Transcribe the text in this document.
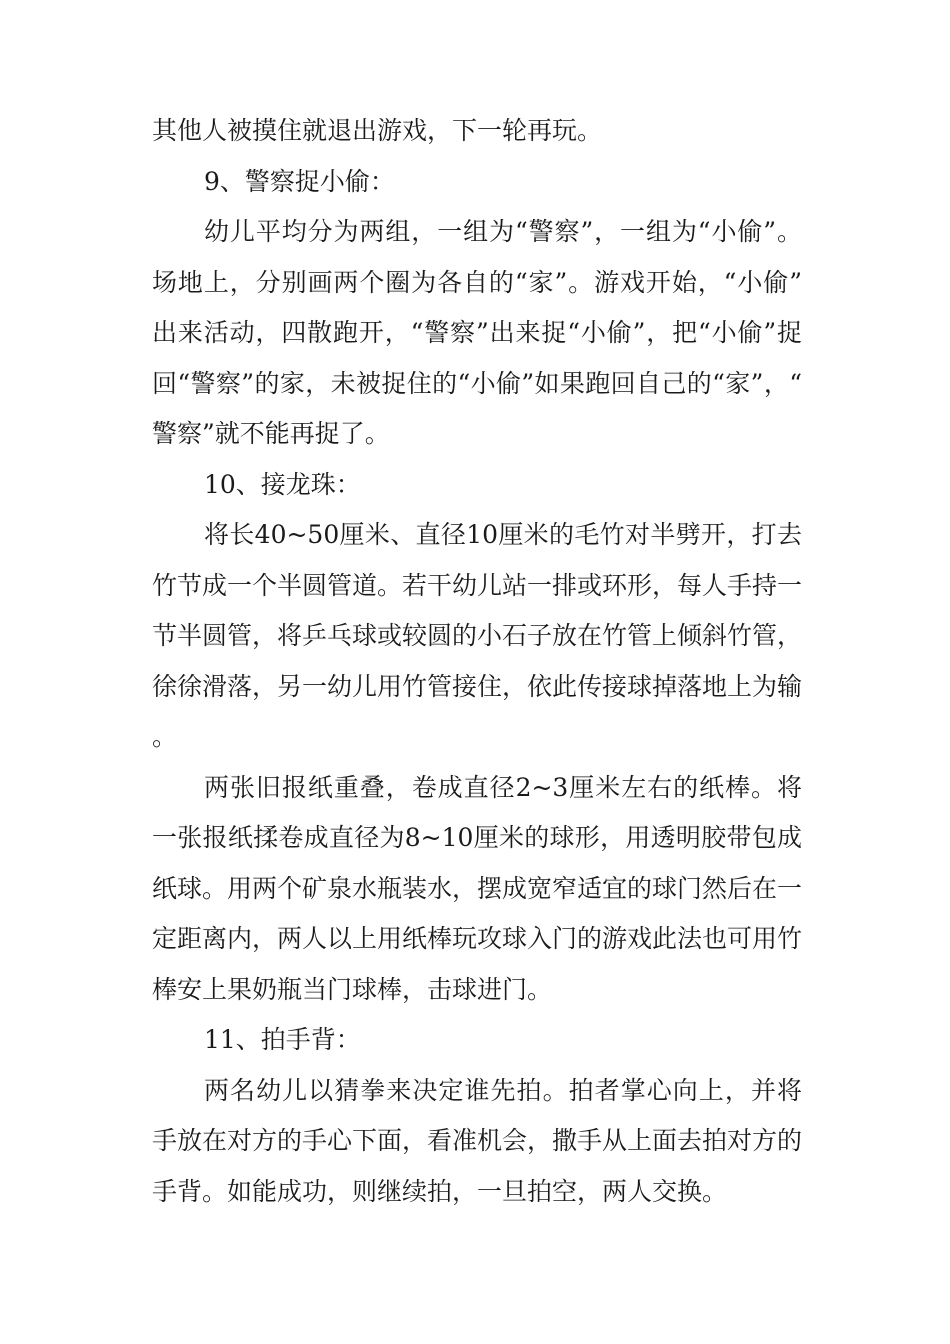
其他人被摸住就退出游戏，下一轮再玩。

9、警察捉小偷：

幼儿平均分为两组，一组为“警察”，一组为“小偷”。场地上，分别画两个圈为各自的“家”。游戏开始，“小偷”出来活动，四散跑开，“警察”出来捉“小偷”，把“小偷”捉回“警察”的家，未被捉住的“小偷”如果跑回自己的“家”，“警察”就不能再捉了。

10、接龙珠：

将长40~50厘米、直径10厘米的毛竹对半劈开，打去竹节成一个半圆管道。若干幼儿站一排或环形，每人手持一节半圆管，将乒乓球或较圆的小石子放在竹管上倾斜竹管，徐徐滑落，另一幼儿用竹管接住，依此传接球掉落地上为输。

两张旧报纸重叠，卷成直径2~3厘米左右的纸棒。将一张报纸揉卷成直径为8~10厘米的球形，用透明胶带包成纸球。用两个矿泉水瓶装水，摆成宽窄适宜的球门然后在一定距离内，两人以上用纸棒玩攻球入门的游戏此法也可用竹棒安上果奶瓶当门球棒，击球进门。

11、拍手背：

两名幼儿以猜拳来决定谁先拍。拍者掌心向上，并将手放在对方的手心下面，看准机会，撒手从上面去拍对方的手背。如能成功，则继续拍，一旦拍空，两人交换。
